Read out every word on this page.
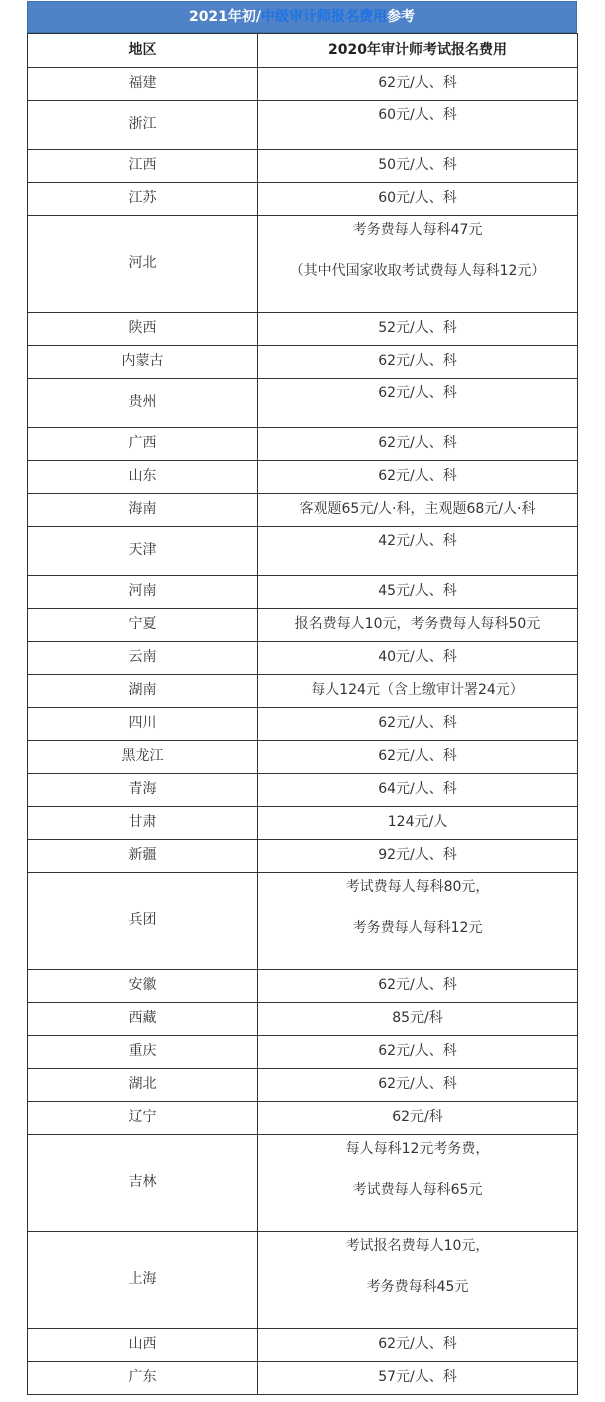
2021年初/中级审计师报名费用参考
地区	2020年审计师考试报名费用
福建	62元/人、科

浙江	60元/人、科

江西	50元/人、科

江苏	60元/人、科

河北	考务费每人每科47元
（其中代国家收取考试费每人每科12元）

陕西	52元/人、科

内蒙古	62元/人、科

贵州	62元/人、科

广西	62元/人、科

山东	62元/人、科

海南	客观题65元/人·科，主观题68元/人·科

天津	42元/人、科

河南	45元/人、科

宁夏	报名费每人10元，考务费每人每科50元

云南	40元/人、科

湖南	每人124元（含上缴审计署24元）

四川	62元/人、科

黑龙江	62元/人、科

青海	64元/人、科

甘肃	124元/人

新疆	92元/人、科

兵团	考试费每人每科80元，
考务费每人每科12元

安徽	62元/人、科

西藏	85元/科

重庆	62元/人、科

湖北	62元/人、科

辽宁	62元/科

吉林	每人每科12元考务费，
考试费每人每科65元

上海	考试报名费每人10元，
考务费每科45元

山西	62元/人、科

广东	57元/人、科
